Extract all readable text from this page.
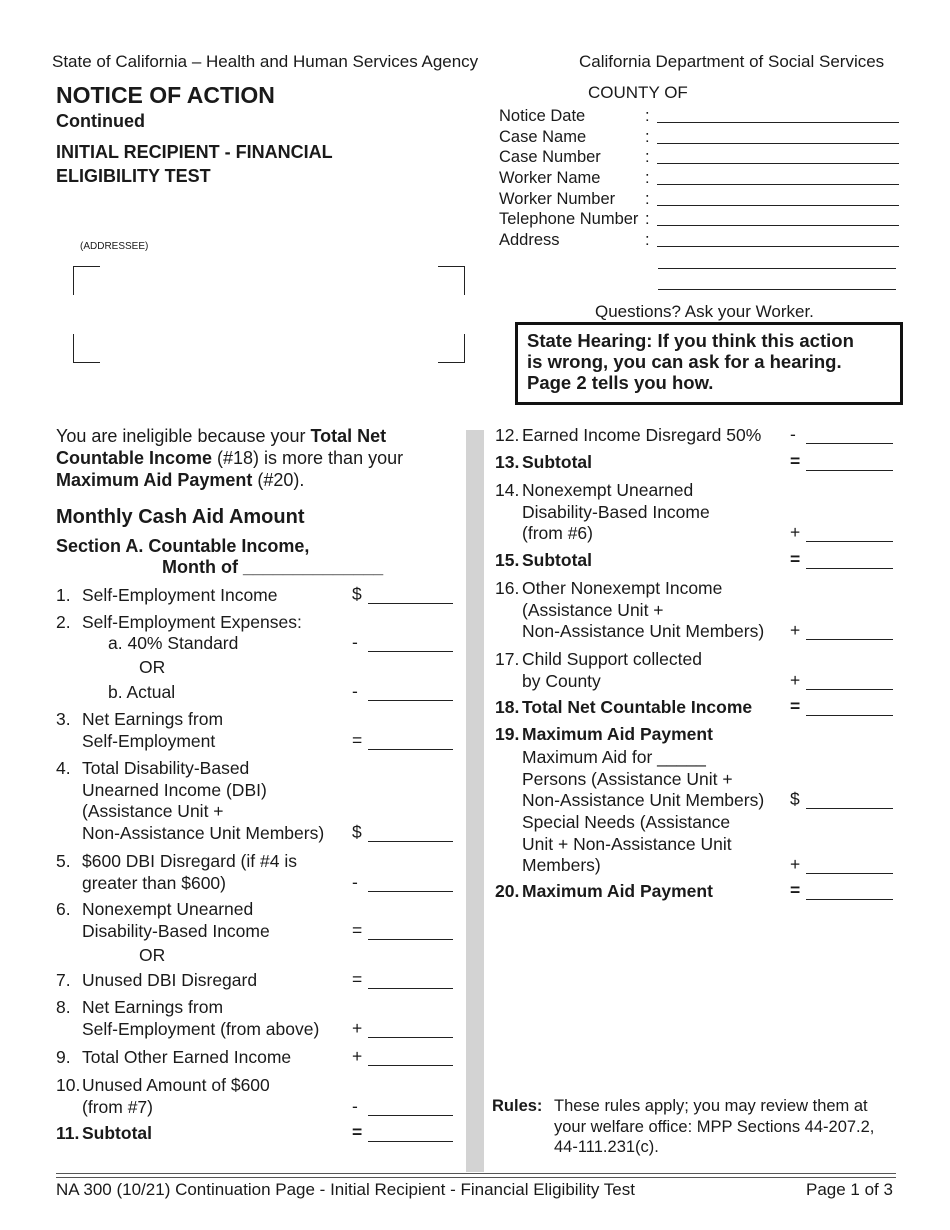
State of California – Health and Human Services Agency	California Department of Social Services
NOTICE OF ACTION
Continued
INITIAL RECIPIENT - FINANCIAL
ELIGIBILITY TEST
(ADDRESSEE)
COUNTY OF
Notice Date	:
Case Name	:
Case Number	:
Worker Name	:
Worker Number	:
Telephone Number :
Address	:
Questions? Ask your Worker.
State Hearing: If you think this action
is wrong, you can ask for a hearing.
Page 2 tells you how.
You are ineligible because your Total Net
Countable Income (#18) is more than your
Maximum Aid Payment (#20).
Monthly Cash Aid Amount
Section A. Countable Income,
Month of ______________
1. Self-Employment Income	$
2. Self-Employment Expenses:
a. 40% Standard	-
OR
b. Actual	-
3. Net Earnings from
Self-Employment	=
4. Total Disability-Based
Unearned Income (DBI)
(Assistance Unit +
Non-Assistance Unit Members) $
5. $600 DBI Disregard (if #4 is
greater than $600)	-
6. Nonexempt Unearned
Disability-Based Income	=
OR
7. Unused DBI Disregard	=
8. Net Earnings from
Self-Employment (from above) +
9. Total Other Earned Income	+
10. Unused Amount of $600
(from #7)	-
11. Subtotal	=
12. Earned Income Disregard 50% -
13. Subtotal	=
14. Nonexempt Unearned
Disability-Based Income
(from #6)	+
15. Subtotal	=
16. Other Nonexempt Income
(Assistance Unit +
Non-Assistance Unit Members) +
17. Child Support collected
by County	+
18. Total Net Countable Income =
19. Maximum Aid Payment
Maximum Aid for _____
Persons (Assistance Unit +
Non-Assistance Unit Members) $
Special Needs (Assistance
Unit + Non-Assistance Unit
Members)	+
20. Maximum Aid Payment	=
Rules: These rules apply; you may review them at
your welfare office: MPP Sections 44-207.2,
44-111.231(c).
NA 300 (10/21) Continuation Page - Initial Recipient - Financial Eligibility Test	Page 1 of 3
